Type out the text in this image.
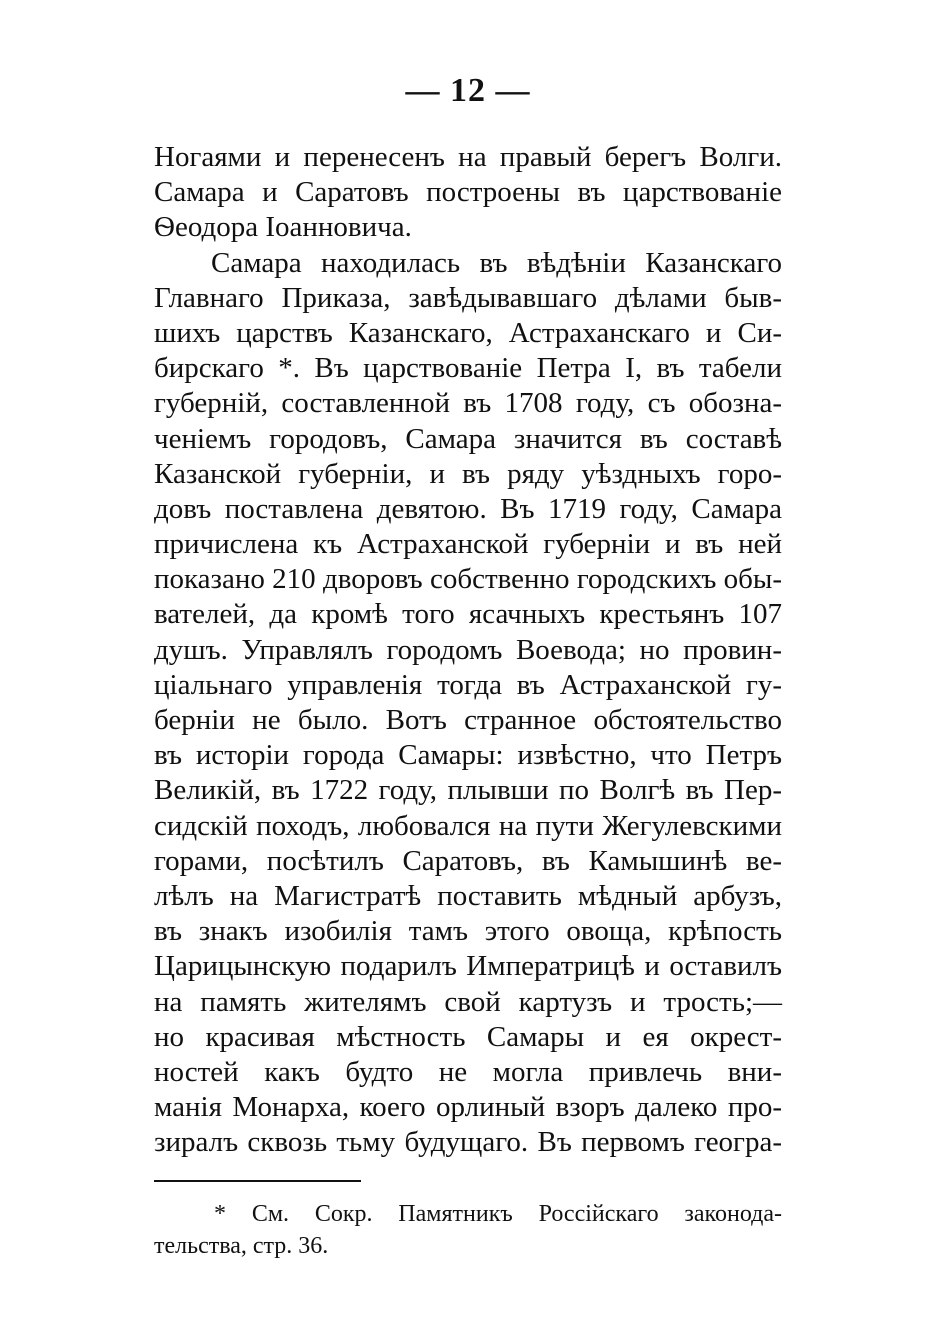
— 12 —
Ногаями и перенесенъ на правый берегъ Волги.
Самара и Саратовъ построены въ царствованіе
Ѳеодора Іоанновича.
Самара находилась въ вѣдѣніи Казанскаго
Главнаго Приказа, завѣдывавшаго дѣлами быв-
шихъ царствъ Казанскаго, Астраханскаго и Си-
бирскаго *. Въ царствованіе Петра I, въ табели
губерній, составленной въ 1708 году, съ обозна-
ченіемъ городовъ, Самара значится въ составѣ
Казанской губерніи, и въ ряду уѣздныхъ горо-
довъ поставлена девятою. Въ 1719 году, Самара
причислена къ Астраханской губерніи и въ ней
показано 210 дворовъ собственно городскихъ обы-
вателей, да кромѣ того ясачныхъ крестьянъ 107
душъ. Управлялъ городомъ Воевода; но провин-
ціальнаго управленія тогда въ Астраханской гу-
берніи не было. Вотъ странное обстоятельство
въ исторіи города Самары: извѣстно, что Петръ
Великій, въ 1722 году, плывши по Волгѣ въ Пер-
сидскій походъ, любовался на пути Жегулевскими
горами, посѣтилъ Саратовъ, въ Камышинѣ ве-
лѣлъ на Магистратѣ поставить мѣдный арбузъ,
въ знакъ изобилія тамъ этого овоща, крѣпость
Царицынскую подарилъ Императрицѣ и оставилъ
на память жителямъ свой картузъ и трость;—
но красивая мѣстность Самары и ея окрест-
ностей какъ будто не могла привлечь вни-
манія Монарха, коего орлиный взоръ далеко про-
зиралъ сквозь тьму будущаго. Въ первомъ геогра-
* См. Сокр. Памятникъ Россійскаго законода-
тельства, стр. 36.
